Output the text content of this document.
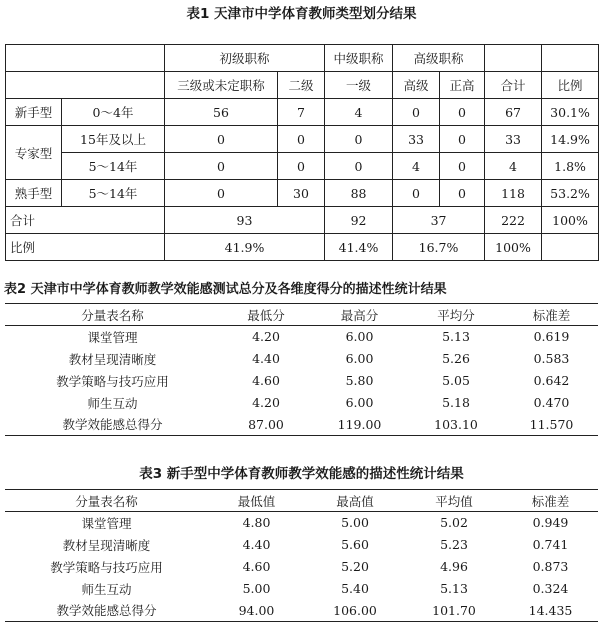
表1 天津市中学体育教师类型划分结果
		初级职称		中级职称	高级职称			
		三级或未定职称	二级	一级	高级	正高	合计	比例
新手型	0～4年	56	7	4	0	0	67	30.1%
专家型	15年及以上	0	0	0	33	0	33	14.9%
	5～14年	0	0	0	4	0	4	1.8%
熟手型	5～14年	0	30	88	0	0	118	53.2%
合计		93		92	37		222	100%
比例		41.9%		41.4%	16.7%		100%	
表2 天津市中学体育教师教学效能感测试总分及各维度得分的描述性统计结果
分量表名称	最低分	最高分	平均分	标准差
课堂管理	4.20	6.00	5.13	0.619
教材呈现清晰度	4.40	6.00	5.26	0.583
教学策略与技巧应用	4.60	5.80	5.05	0.642
师生互动	4.20	6.00	5.18	0.470
教学效能感总得分	87.00	119.00	103.10	11.570
表3 新手型中学体育教师教学效能感的描述性统计结果
分量表名称	最低值	最高值	平均值	标准差
课堂管理	4.80	5.00	5.02	0.949
教材呈现清晰度	4.40	5.60	5.23	0.741
教学策略与技巧应用	4.60	5.20	4.96	0.873
师生互动	5.00	5.40	5.13	0.324
教学效能感总得分	94.00	106.00	101.70	14.435
